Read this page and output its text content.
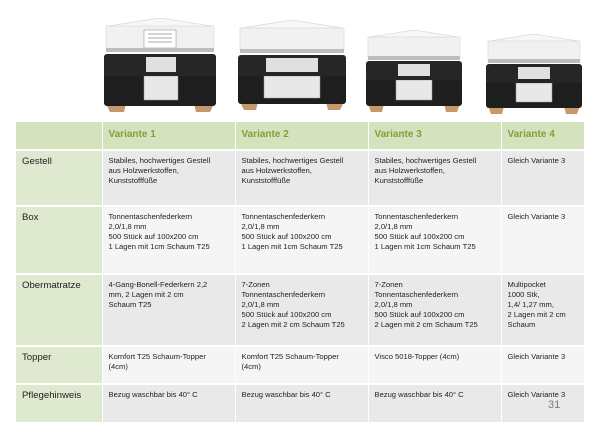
	Variante 1	Variante 2	Variante 3	Variante 4
Gestell	Stabiles, hochwertiges Gestell
aus Holzwerkstoffen,
Kunststofffüße	Stabiles, hochwertiges Gestell
aus Holzwerkstoffen,
Kunststofffüße	Stabiles, hochwertiges Gestell
aus Holzwerkstoffen,
Kunststofffüße	Gleich Variante 3
Box	Tonnentaschenfederkern
2,0/1,8 mm
500 Stück auf 100x200 cm
1 Lagen mit 1cm Schaum T25	Tonnentaschenfederkern
2,0/1,8 mm
500 Stück auf 100x200 cm
1 Lagen mit 1cm Schaum T25	Tonnentaschenfederkern
2,0/1,8 mm
500 Stück auf 100x200 cm
1 Lagen mit 1cm Schaum T25	Gleich Variante 3
Obermatratze	4-Gang-Bonell-Federkern 2,2
mm, 2 Lagen mit 2 cm
Schaum T25	7-Zonen
Tonnentaschenfederkern
2,0/1,8 mm
500 Stück auf 100x200 cm
2 Lagen mit 2 cm Schaum T25	7-Zonen
Tonnentaschenfederkern
2,0/1,8 mm
500 Stück auf 100x200 cm
2 Lagen mit 2 cm Schaum T25	Multipocket
1000 Stk,
1,4/ 1,27 mm,
2 Lagen mit 2 cm
Schaum
Topper	Komfort T25 Schaum-Topper
(4cm)	Komfort T25 Schaum-Topper
(4cm)	Visco 5018-Topper (4cm)	Gleich Variante 3
Pflegehinweis	Bezug waschbar bis 40° C	Bezug waschbar bis 40° C	Bezug waschbar bis 40° C	Gleich Variante 3
31
